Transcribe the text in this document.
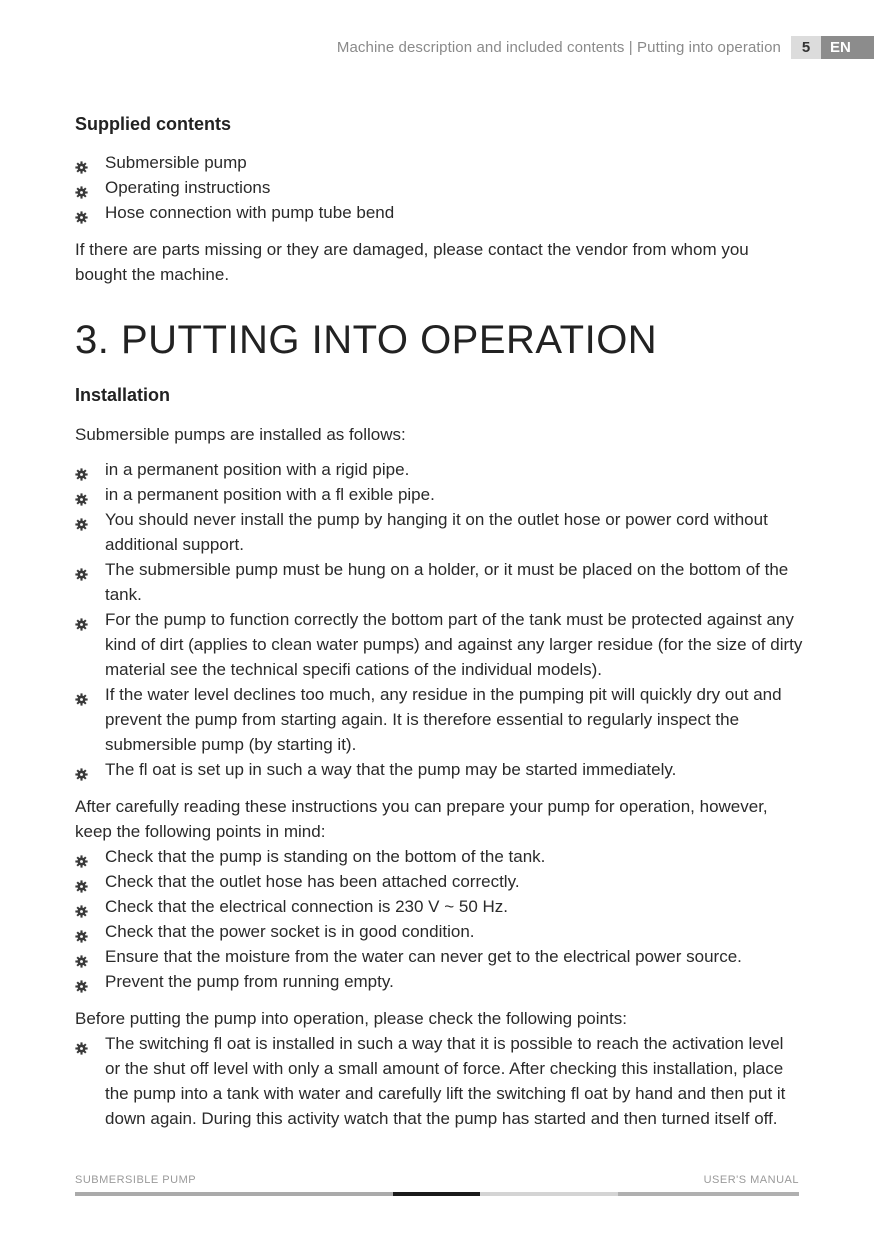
Machine description and included contents | Putting into operation	5	EN
Supplied contents
Submersible pump
Operating instructions
Hose connection with pump tube bend

If there are parts missing or they are damaged, please contact the vendor from whom you bought the machine.

3. PUTTING INTO OPERATION
Installation

Submersible pumps are installed as follows:

in a permanent position with a rigid pipe.
in a permanent position with a fl exible pipe.
You should never install the pump by hanging it on the outlet hose or power cord without additional support.
The submersible pump must be hung on a holder, or it must be placed on the bottom of the tank.
For the pump to function correctly the bottom part of the tank must be protected against any kind of dirt (applies to clean water pumps) and against any larger residue (for the size of dirty material see the technical specifi cations of the individual models).
If the water level declines too much, any residue in the pumping pit will quickly dry out and prevent the pump from starting again. It is therefore essential to regularly inspect the submersible pump (by starting it).
The fl oat is set up in such a way that the pump may be started immediately.

After carefully reading these instructions you can prepare your pump for operation, however, keep the following points in mind:

Check that the pump is standing on the bottom of the tank.
Check that the outlet hose has been attached correctly.
Check that the electrical connection is 230 V ~ 50 Hz.
Check that the power socket is in good condition.
Ensure that the moisture from the water can never get to the electrical power source.
Prevent the pump from running empty.

Before putting the pump into operation, please check the following points:

The switching fl oat is installed in such a way that it is possible to reach the activation level or the shut off level with only a small amount of force. After checking this installation, place the pump into a tank with water and carefully lift the switching fl oat by hand and then put it down again. During this activity watch that the pump has started and then turned itself off.
SUBMERSIBLE PUMP	USER'S MANUAL
